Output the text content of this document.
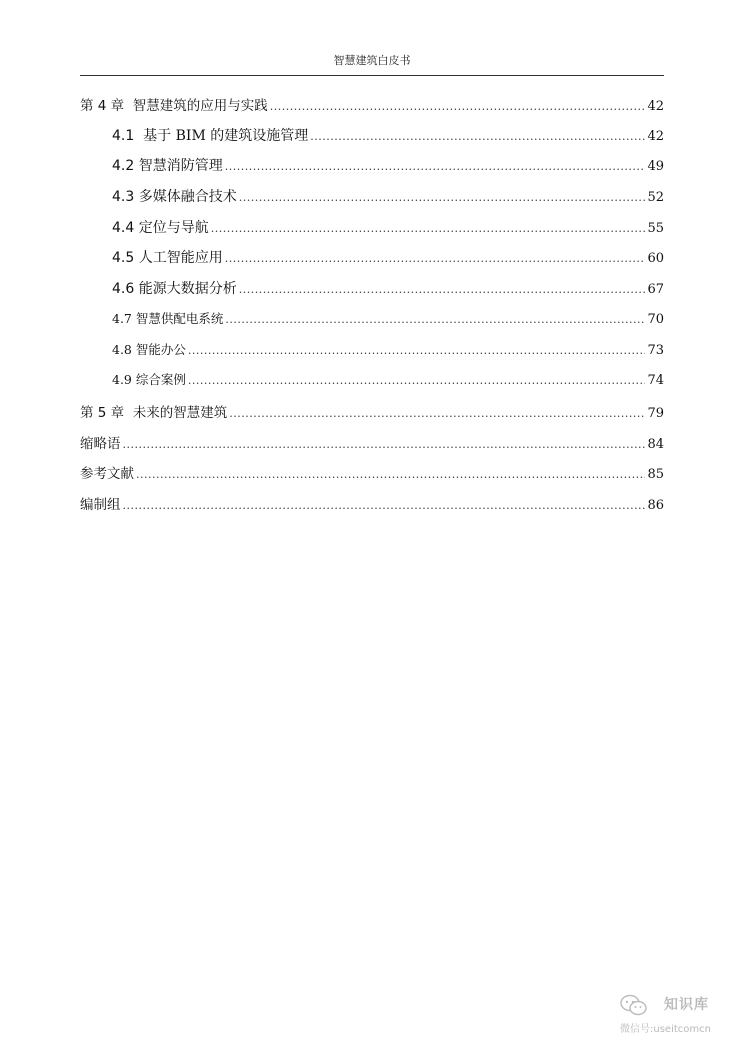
智慧建筑白皮书
第 4 章 智慧建筑的应用与实践 .....	42
4.1 基于 BIM 的建筑设施管理 .....	42
4.2 智慧消防管理 .....	49
4.3 多媒体融合技术 .....	52
4.4 定位与导航 .....	55
4.5 人工智能应用 .....	60
4.6 能源大数据分析 .....	67
4.7 智慧供配电系统 .....	70
4.8 智能办公 .....	73
4.9 综合案例 .....	74
第 5 章 未来的智慧建筑 .....	79
缩略语 .....	84
参考文献 .....	85
编制组 .....	86
知识库
微信号:useitcomcn
